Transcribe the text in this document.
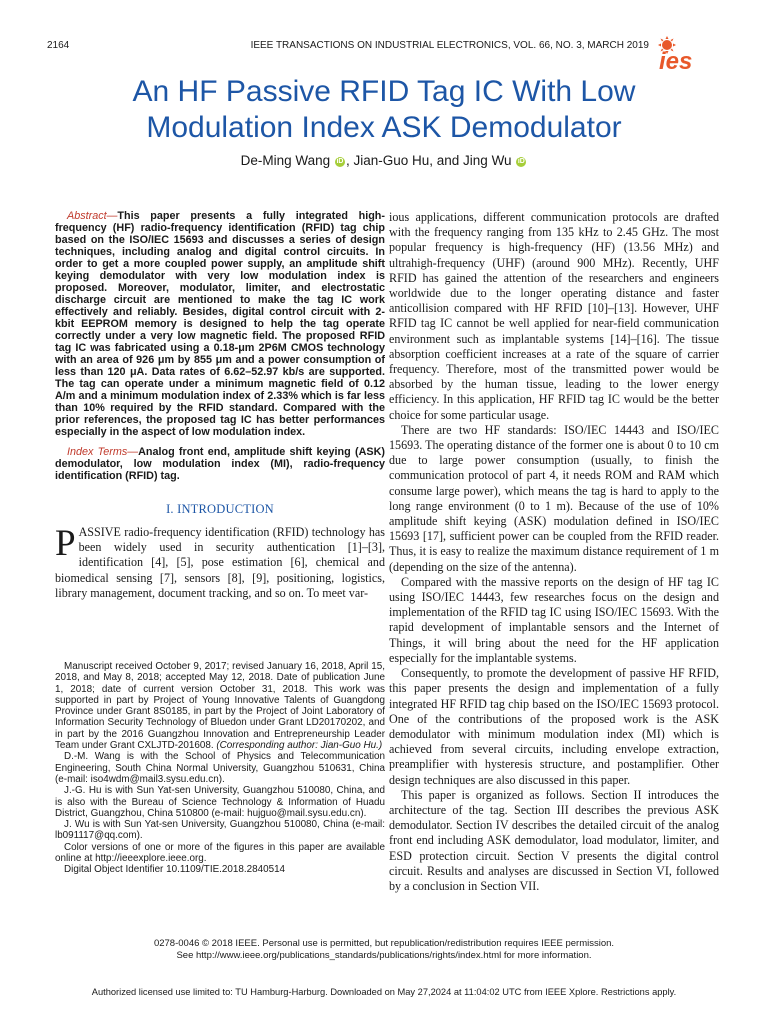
2164	IEEE TRANSACTIONS ON INDUSTRIAL ELECTRONICS, VOL. 66, NO. 3, MARCH 2019
ies
An HF Passive RFID Tag IC With Low
Modulation Index ASK Demodulator
De-Ming Wang iD , Jian-Guo Hu, and Jing Wu iD

Abstract—This paper presents a fully integrated high-frequency (HF) radio-frequency identification (RFID) tag chip based on the ISO/IEC 15693 and discusses a series of design techniques, including analog and digital control circuits. In order to get a more coupled power supply, an amplitude shift keying demodulator with very low modulation index is proposed. Moreover, modulator, limiter, and electrostatic discharge circuit are mentioned to make the tag IC work effectively and reliably. Besides, digital control circuit with 2-kbit EEPROM memory is designed to help the tag operate correctly under a very low magnetic field. The proposed RFID tag IC was fabricated using a 0.18-μm 2P6M CMOS technology with an area of 926 μm by 855 μm and a power consumption of less than 120 μA. Data rates of 6.62–52.97 kb/s are supported. The tag can operate under a minimum magnetic field of 0.12 A/m and a minimum modulation index of 2.33% which is far less than 10% required by the RFID standard. Compared with the prior references, the proposed tag IC has better performances especially in the aspect of low modulation index.

Index Terms—Analog front end, amplitude shift keying (ASK) demodulator, low modulation index (MI), radio-frequency identification (RFID) tag.

I. INTRODUCTION

PASSIVE radio-frequency identification (RFID) technology has been widely used in security authentication [1]–[3], identification [4], [5], pose estimation [6], chemical and biomedical sensing [7], sensors [8], [9], positioning, logistics, library management, document tracking, and so on. To meet var-

Manuscript received October 9, 2017; revised January 16, 2018, April 15, 2018, and May 8, 2018; accepted May 12, 2018. Date of publication June 1, 2018; date of current version October 31, 2018. This work was supported in part by Project of Young Innovative Talents of Guangdong Province under Grant 8S0185, in part by the Project of Joint Laboratory of Information Security Technology of Bluedon under Grant LD20170202, and in part by the 2016 Guangzhou Innovation and Entrepreneurship Leader Team under Grant CXLJTD-201608. (Corresponding author: Jian-Guo Hu.)

D.-M. Wang is with the School of Physics and Telecommunication Engineering, South China Normal University, Guangzhou 510631, China (e-mail: iso4wdm@mail3.sysu.edu.cn).

J.-G. Hu is with Sun Yat-sen University, Guangzhou 510080, China, and is also with the Bureau of Science Technology & Information of Huadu District, Guangzhou, China 510800 (e-mail: hujguo@mail.sysu.edu.cn).

J. Wu is with Sun Yat-sen University, Guangzhou 510080, China (e-mail: lb091117@qq.com).

Color versions of one or more of the figures in this paper are available online at http://ieeexplore.ieee.org.

Digital Object Identifier 10.1109/TIE.2018.2840514

ious applications, different communication protocols are drafted with the frequency ranging from 135 kHz to 2.45 GHz. The most popular frequency is high-frequency (HF) (13.56 MHz) and ultrahigh-frequency (UHF) (around 900 MHz). Recently, UHF RFID has gained the attention of the researchers and engineers worldwide due to the longer operating distance and faster anticollision compared with HF RFID [10]–[13]. However, UHF RFID tag IC cannot be well applied for near-field communication environment such as implantable systems [14]–[16]. The tissue absorption coefficient increases at a rate of the square of carrier frequency. Therefore, most of the transmitted power would be absorbed by the human tissue, leading to the lower energy efficiency. In this application, HF RFID tag IC would be the better choice for some particular usage.

There are two HF standards: ISO/IEC 14443 and ISO/IEC 15693. The operating distance of the former one is about 0 to 10 cm due to large power consumption (usually, to finish the communication protocol of part 4, it needs ROM and RAM which consume large power), which means the tag is hard to apply to the long range environment (0 to 1 m). Because of the use of 10% amplitude shift keying (ASK) modulation defined in ISO/IEC 15693 [17], sufficient power can be coupled from the RFID reader. Thus, it is easy to realize the maximum distance requirement of 1 m (depending on the size of the antenna).

Compared with the massive reports on the design of HF tag IC using ISO/IEC 14443, few researches focus on the design and implementation of the RFID tag IC using ISO/IEC 15693. With the rapid development of implantable sensors and the Internet of Things, it will bring about the need for the HF application especially for the implantable systems.

Consequently, to promote the development of passive HF RFID, this paper presents the design and implementation of a fully integrated HF RFID tag chip based on the ISO/IEC 15693 protocol. One of the contributions of the proposed work is the ASK demodulator with minimum modulation index (MI) which is achieved from several circuits, including envelope extraction, preamplifier with hysteresis structure, and postamplifier. Other design techniques are also discussed in this paper.

This paper is organized as follows. Section II introduces the architecture of the tag. Section III describes the previous ASK demodulator. Section IV describes the detailed circuit of the analog front end including ASK demodulator, load modulator, limiter, and ESD protection circuit. Section V presents the digital control circuit. Results and analyses are discussed in Section VI, followed by a conclusion in Section VII.

0278-0046 © 2018 IEEE. Personal use is permitted, but republication/redistribution requires IEEE permission.
See http://www.ieee.org/publications_standards/publications/rights/index.html for more information.
Authorized licensed use limited to: TU Hamburg-Harburg. Downloaded on May 27,2024 at 11:04:02 UTC from IEEE Xplore. Restrictions apply.
